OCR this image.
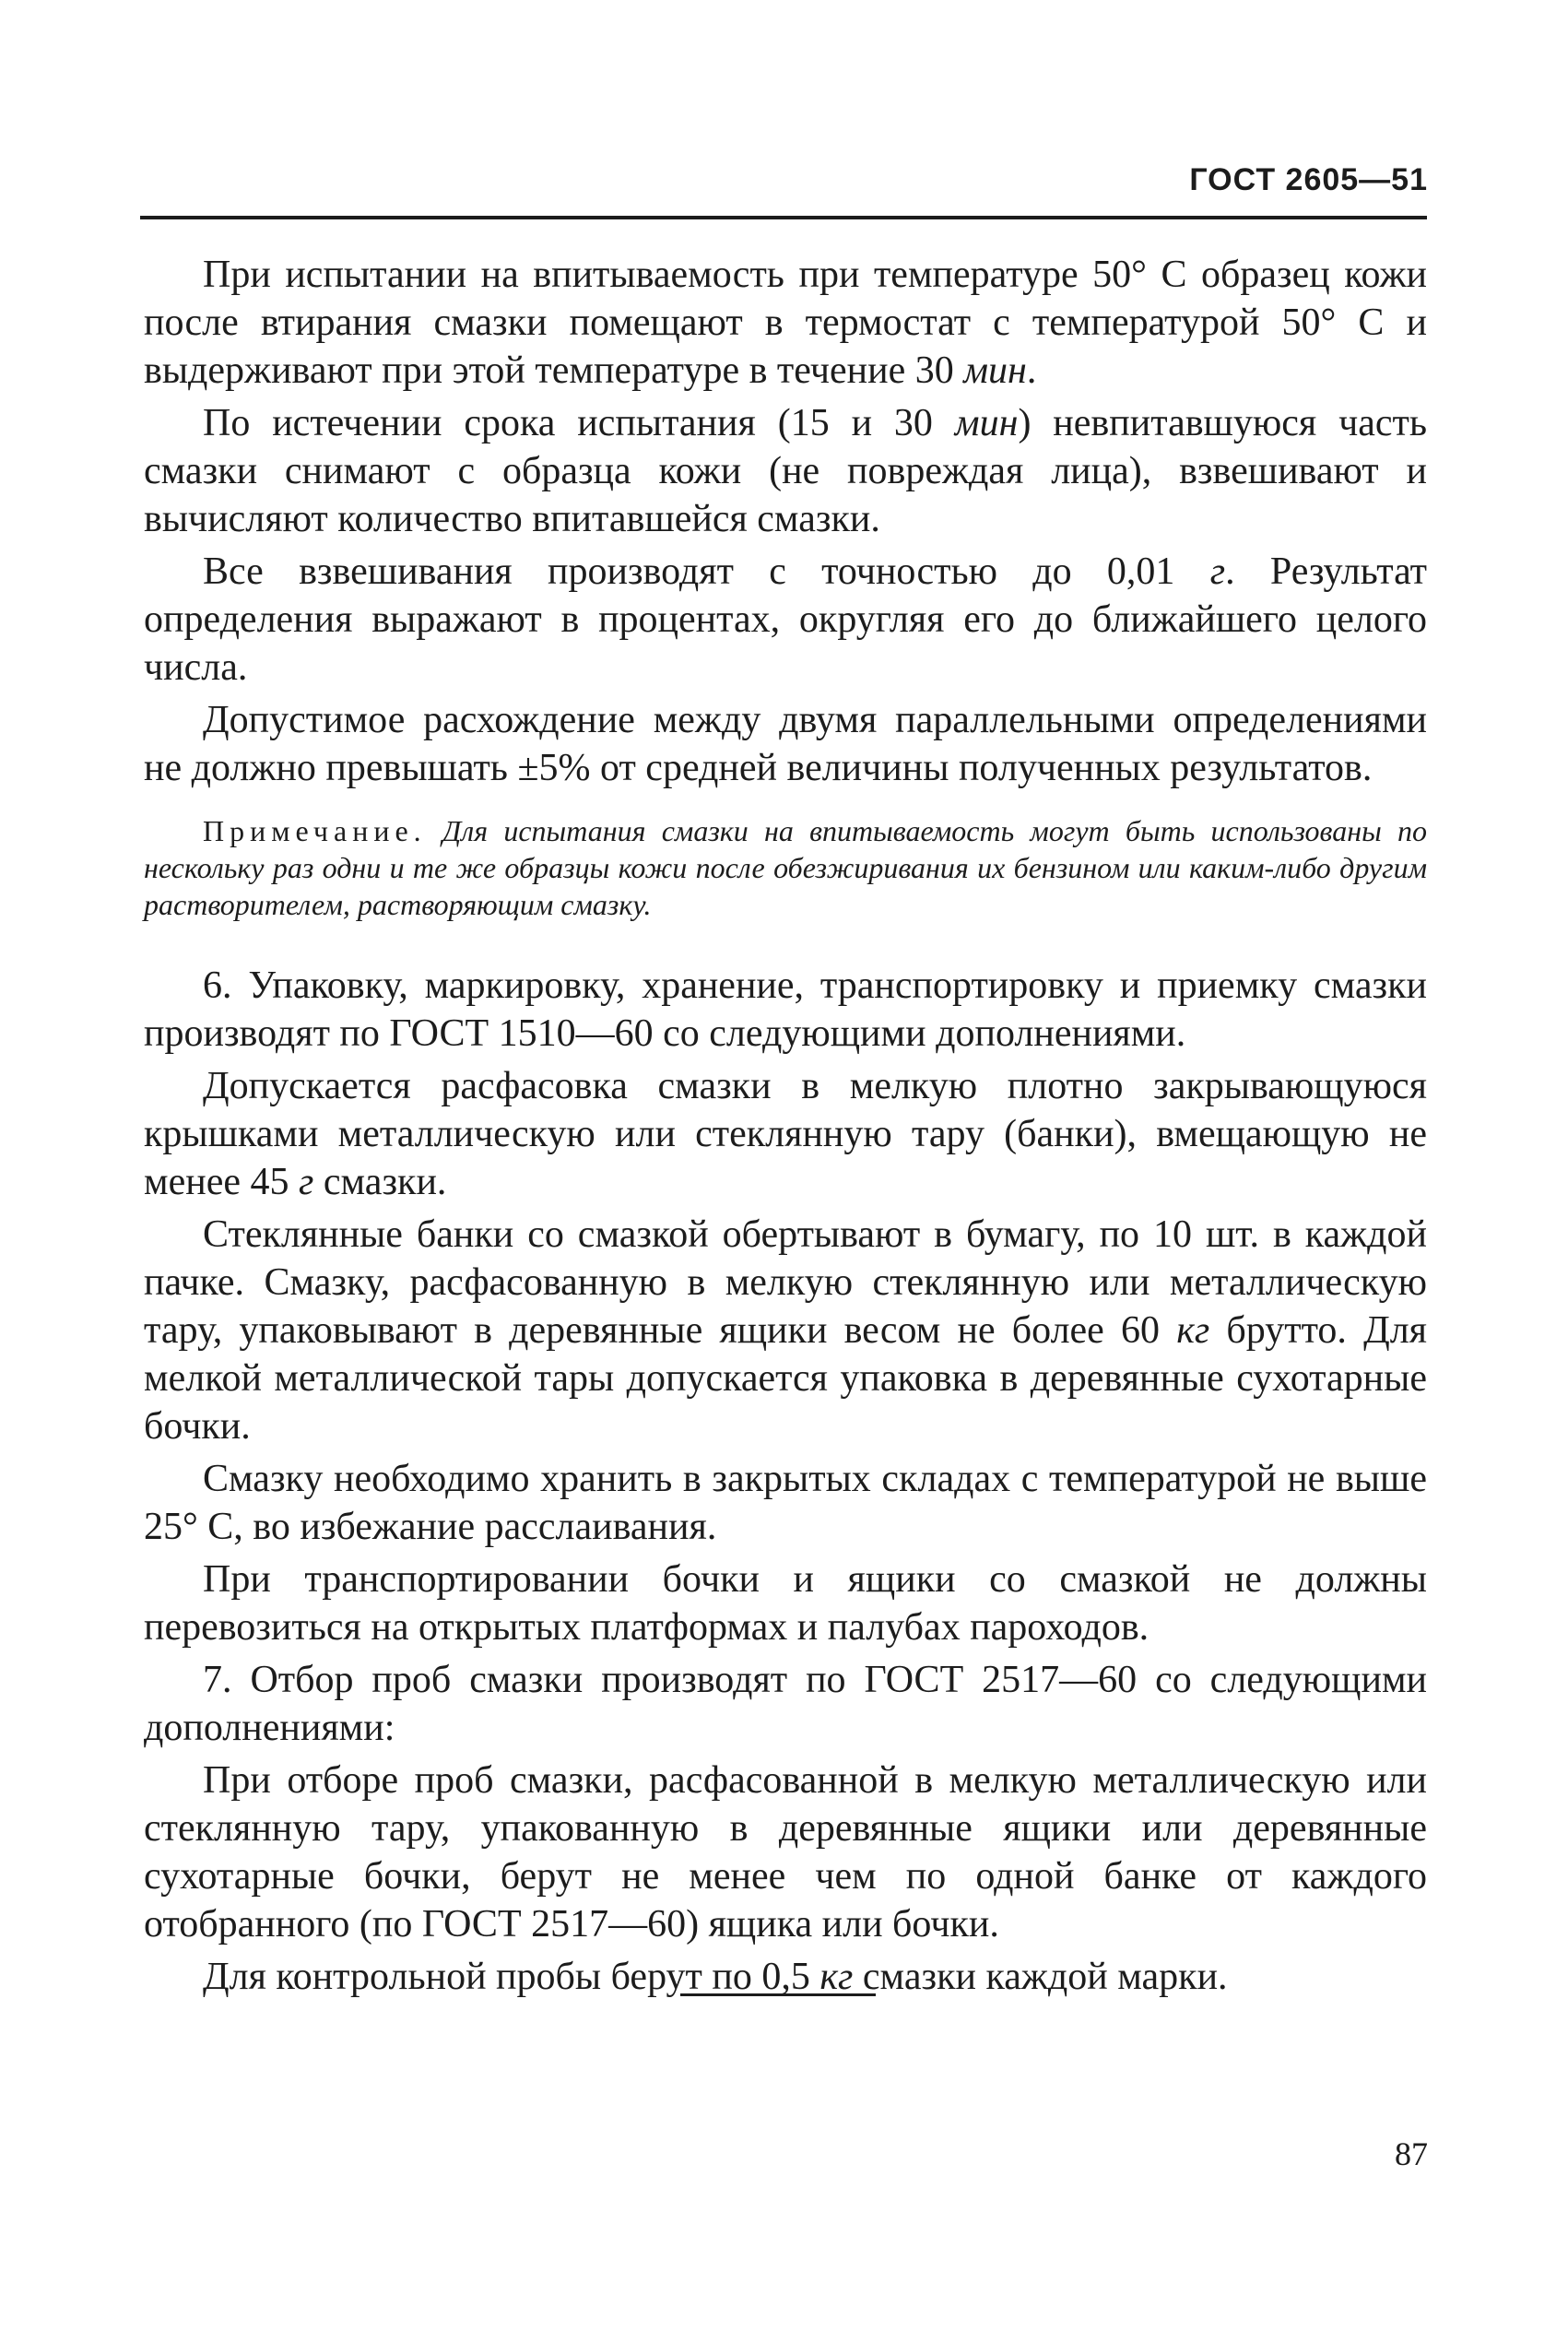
ГОСТ 2605—51

При испытании на впитываемость при температуре 50° С образец кожи после втирания смазки помещают в термостат с температурой 50° С и выдерживают при этой температуре в течение 30 мин.

По истечении срока испытания (15 и 30 мин) невпитавшуюся часть смазки снимают с образца кожи (не повреждая лица), взвешивают и вычисляют количество впитавшейся смазки.

Все взвешивания производят с точностью до 0,01 г. Результат определения выражают в процентах, округляя его до ближайшего целого числа.

Допустимое расхождение между двумя параллельными определениями не должно превышать ±5% от средней величины полученных результатов.

Примечание. Для испытания смазки на впитываемость могут быть использованы по нескольку раз одни и те же образцы кожи после обезжиривания их бензином или каким-либо другим растворителем, растворяющим смазку.

6. Упаковку, маркировку, хранение, транспортировку и приемку смазки производят по ГОСТ 1510—60 со следующими дополнениями.

Допускается расфасовка смазки в мелкую плотно закрывающуюся крышками металлическую или стеклянную тару (банки), вмещающую не менее 45 г смазки.

Стеклянные банки со смазкой обертывают в бумагу, по 10 шт. в каждой пачке. Смазку, расфасованную в мелкую стеклянную или металлическую тару, упаковывают в деревянные ящики весом не более 60 кг брутто. Для мелкой металлической тары допускается упаковка в деревянные сухотарные бочки.

Смазку необходимо хранить в закрытых складах с температурой не выше 25° С, во избежание расслаивания.

При транспортировании бочки и ящики со смазкой не должны перевозиться на открытых платформах и палубах пароходов.

7. Отбор проб смазки производят по ГОСТ 2517—60 со следующими дополнениями:

При отборе проб смазки, расфасованной в мелкую металлическую или стеклянную тару, упакованную в деревянные ящики или деревянные сухотарные бочки, берут не менее чем по одной банке от каждого отобранного (по ГОСТ 2517—60) ящика или бочки.

Для контрольной пробы берут по 0,5 кг смазки каждой марки.

87
